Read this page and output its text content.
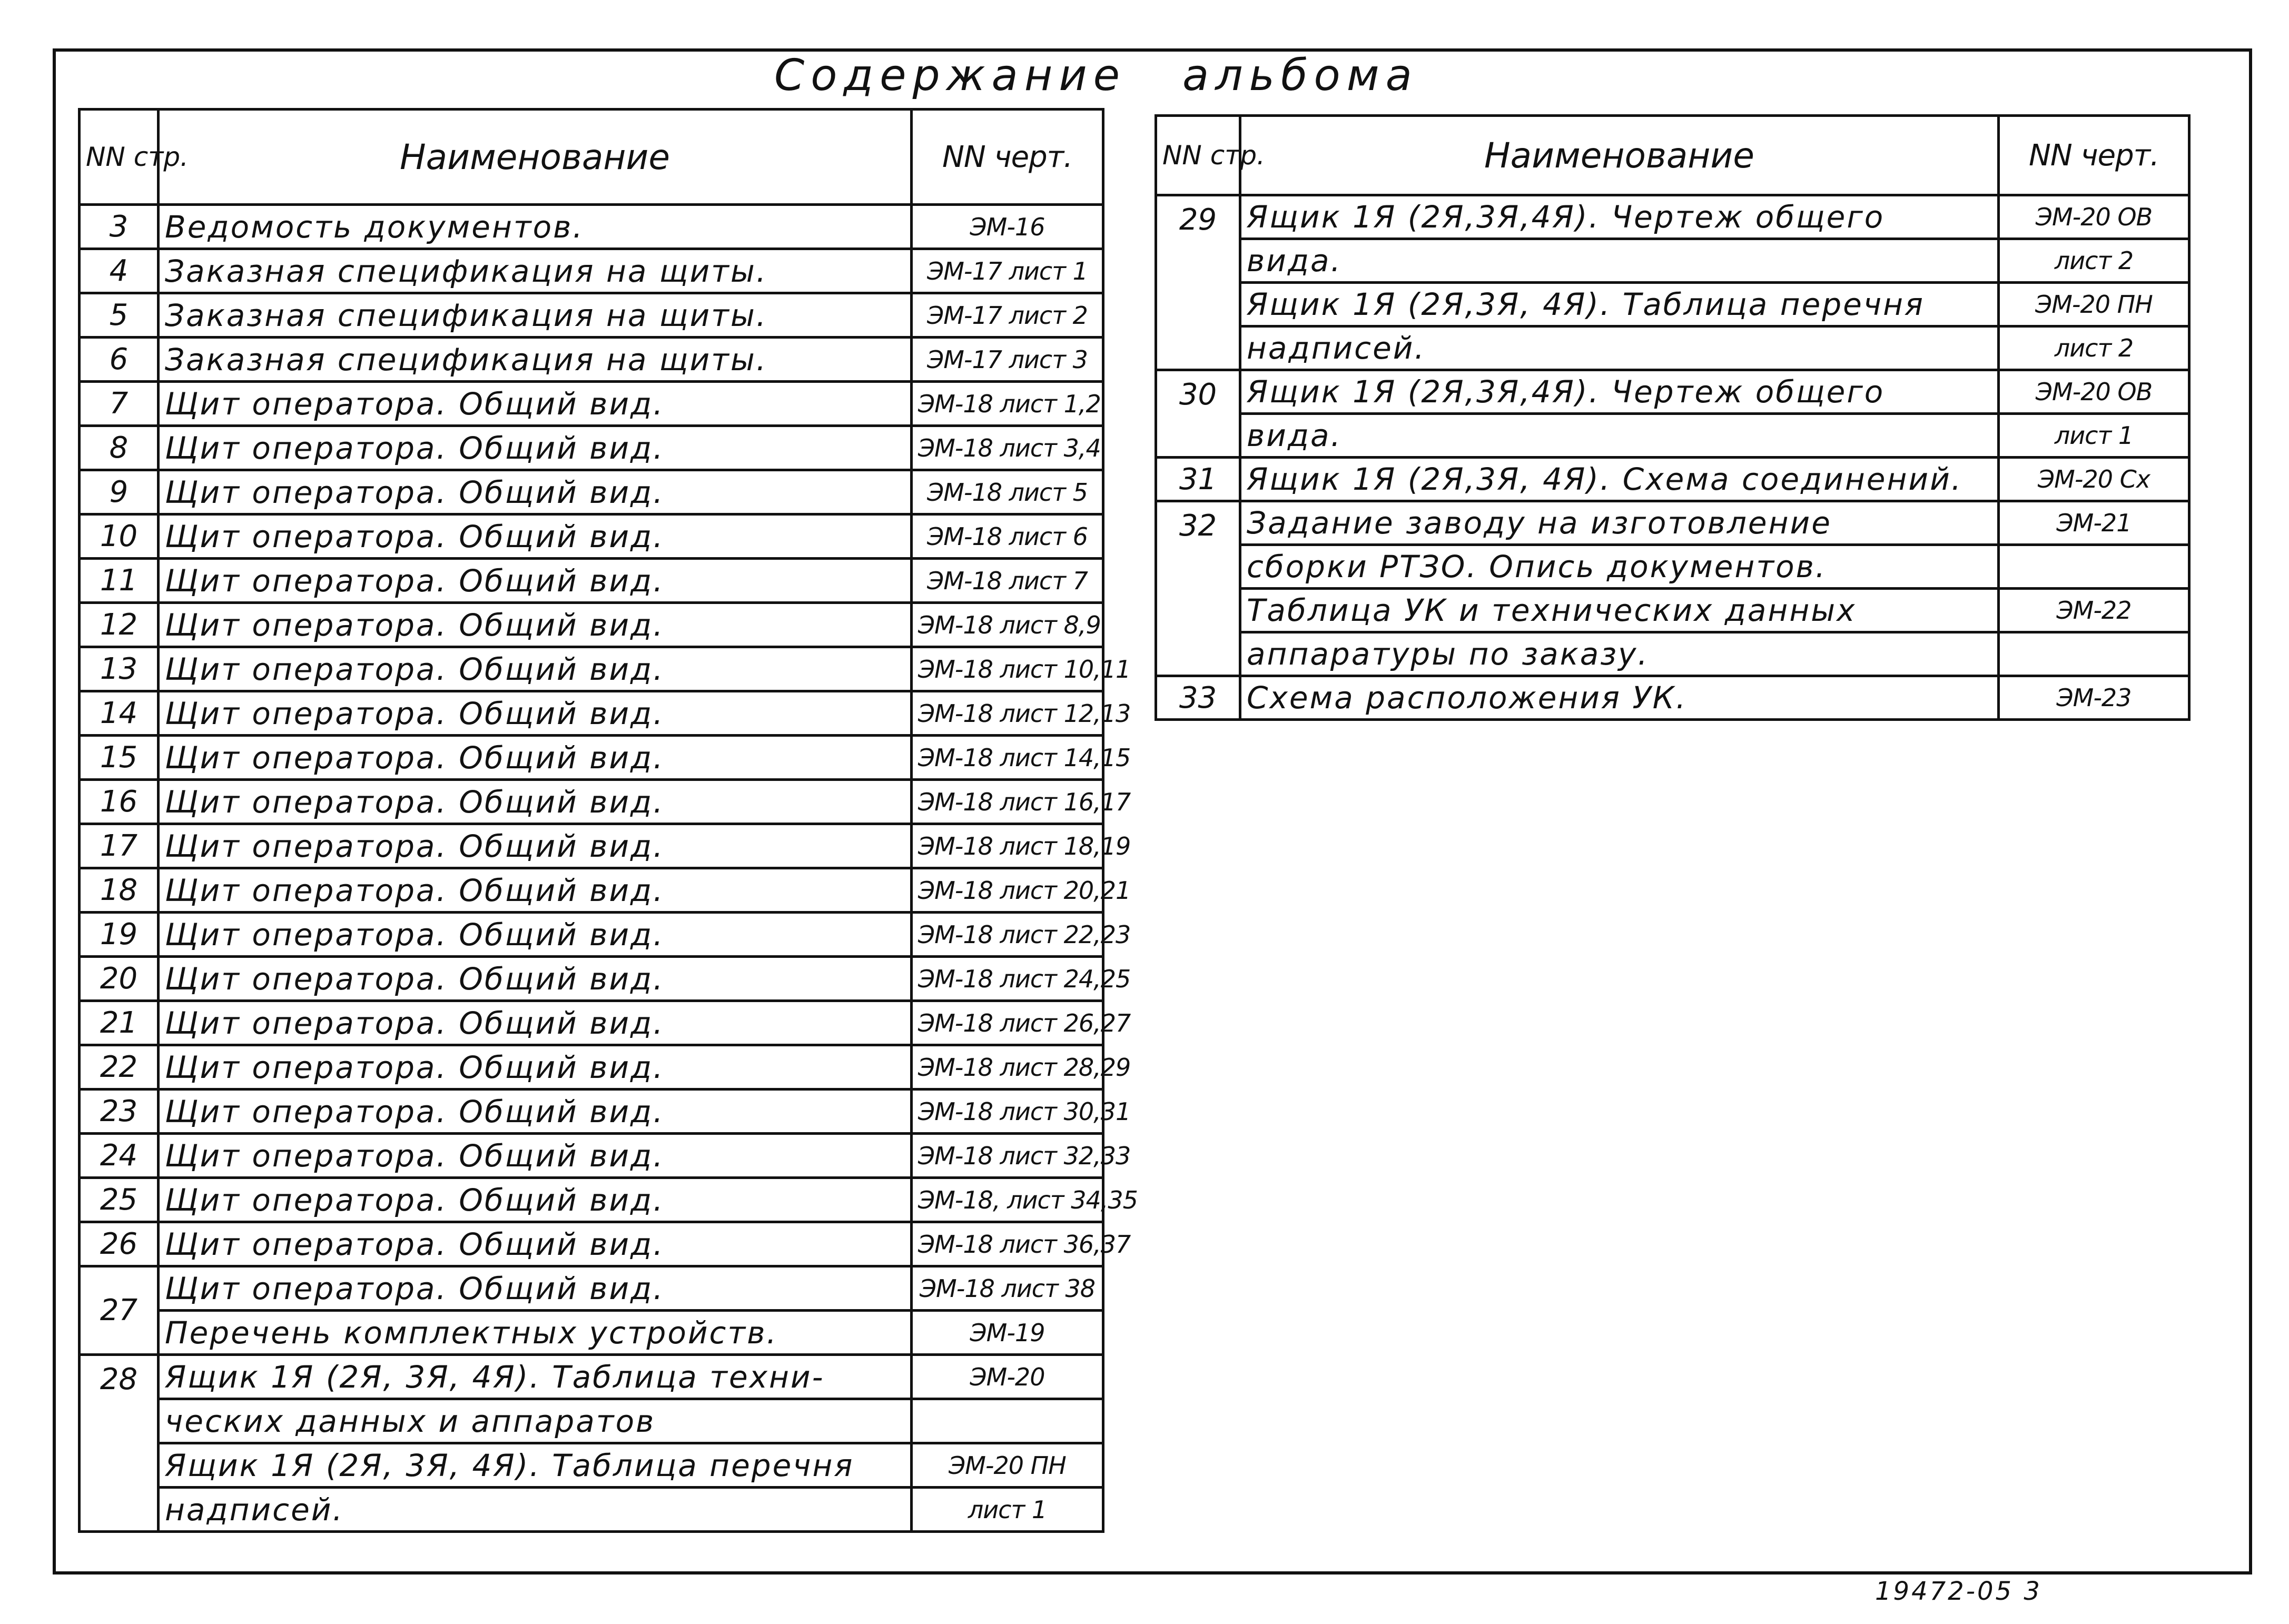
Содержание альбома
NN стр.	Наименование	NN черт.
3	Ведомость документов.	ЭМ-16
4	Заказная спецификация на щиты.	ЭМ-17 лист 1
5	Заказная спецификация на щиты.	ЭМ-17 лист 2
6	Заказная спецификация на щиты.	ЭМ-17 лист 3
7	Щит оператора. Общий вид.	ЭМ-18 лист 1,2
8	Щит оператора. Общий вид.	ЭМ-18 лист 3,4
9	Щит оператора. Общий вид.	ЭМ-18 лист 5
10	Щит оператора. Общий вид.	ЭМ-18 лист 6
11	Щит оператора. Общий вид.	ЭМ-18 лист 7
12	Щит оператора. Общий вид.	ЭМ-18 лист 8,9
13	Щит оператора. Общий вид.	ЭМ-18 лист 10,11
14	Щит оператора. Общий вид.	ЭМ-18 лист 12,13
15	Щит оператора. Общий вид.	ЭМ-18 лист 14,15
16	Щит оператора. Общий вид.	ЭМ-18 лист 16,17
17	Щит оператора. Общий вид.	ЭМ-18 лист 18,19
18	Щит оператора. Общий вид.	ЭМ-18 лист 20,21
19	Щит оператора. Общий вид.	ЭМ-18 лист 22,23
20	Щит оператора. Общий вид.	ЭМ-18 лист 24,25
21	Щит оператора. Общий вид.	ЭМ-18 лист 26,27
22	Щит оператора. Общий вид.	ЭМ-18 лист 28,29
23	Щит оператора. Общий вид.	ЭМ-18 лист 30,31
24	Щит оператора. Общий вид.	ЭМ-18 лист 32,33
25	Щит оператора. Общий вид.	ЭМ-18, лист 34,35
26	Щит оператора. Общий вид.	ЭМ-18 лист 36,37
27	Щит оператора. Общий вид.	ЭМ-18 лист 38
	Перечень комплектных устройств.	ЭМ-19
28	Ящик 1Я (2Я, 3Я, 4Я). Таблица техни-	ЭМ-20
	ческих данных и аппаратов	
	Ящик 1Я (2Я, 3Я, 4Я). Таблица перечня	ЭМ-20 ПН
	надписей.	лист 1
NN стр.	Наименование	NN черт.
29	Ящик 1Я (2Я,3Я,4Я). Чертеж общего	ЭМ-20 ОВ
	вида.	лист 2
	Ящик 1Я (2Я,3Я, 4Я). Таблица перечня	ЭМ-20 ПН
	надписей.	лист 2
30	Ящик 1Я (2Я,3Я,4Я). Чертеж общего	ЭМ-20 ОВ
	вида.	лист 1
31	Ящик 1Я (2Я,3Я, 4Я). Схема соединений.	ЭМ-20 Сх
32	Задание заводу на изготовление	ЭМ-21
	сборки РТЗО. Опись документов.	
	Таблица УК и технических данных	ЭМ-22
	аппаратуры по заказу.	
33	Схема расположения УК.	ЭМ-23
19472-05 3
